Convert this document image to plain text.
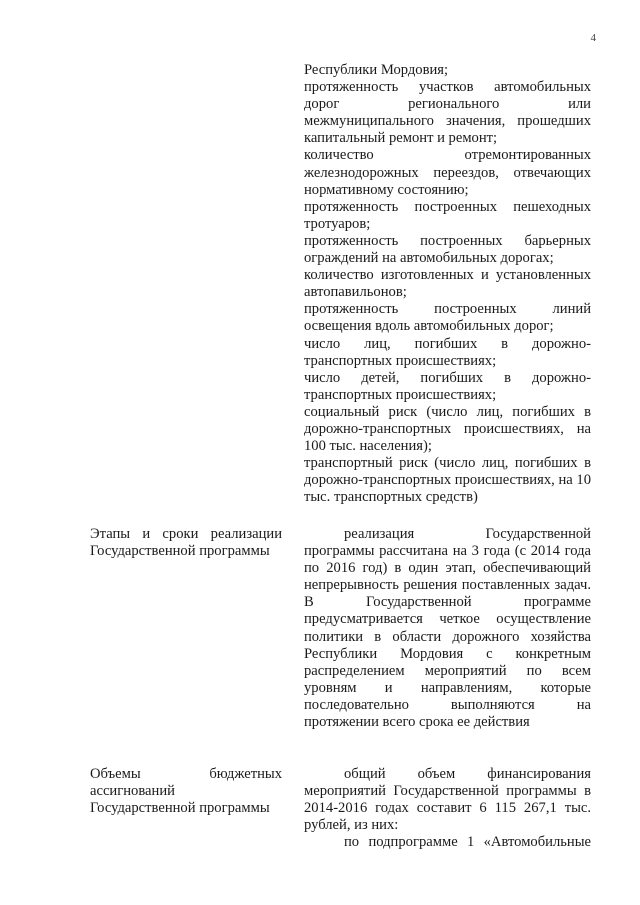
4

Республики Мордовия;

протяженность участков автомобильных дорог регионального или межмуниципального значения, прошедших капитальный ремонт и ремонт;

количество отремонтированных железнодорожных переездов, отвечающих нормативному состоянию;

протяженность построенных пешеходных тротуаров;

протяженность построенных барьерных ограждений на автомобильных дорогах;

количество изготовленных и установленных автопавильонов;

протяженность построенных линий освещения вдоль автомобильных дорог;

число лиц, погибших в дорожно-транспортных происшествиях;

число детей, погибших в дорожно-транспортных происшествиях;

социальный риск (число лиц, погибших в дорожно-транспортных происшествиях, на 100 тыс. населения);

транспортный риск (число лиц, погибших в дорожно-транспортных происшествиях, на 10 тыс. транспортных средств)

Этапы и сроки реализации

Государственной программы

реализация Государственной программы рассчитана на 3 года (с 2014 года по 2016 год) в один этап, обеспечивающий непрерывность решения поставленных задач. В Государственной программе предусматривается четкое осуществление политики в области дорожного хозяйства Республики Мордовия с конкретным распределением мероприятий по всем уровням и направлениям, которые последовательно выполняются на протяжении всего срока ее действия

Объемы бюджетных

ассигнований

Государственной программы

общий объем финансирования мероприятий Государственной программы в 2014-2016 годах составит 6 115 267,1 тыс. рублей, из них:

по подпрограмме 1 «Автомобильные
